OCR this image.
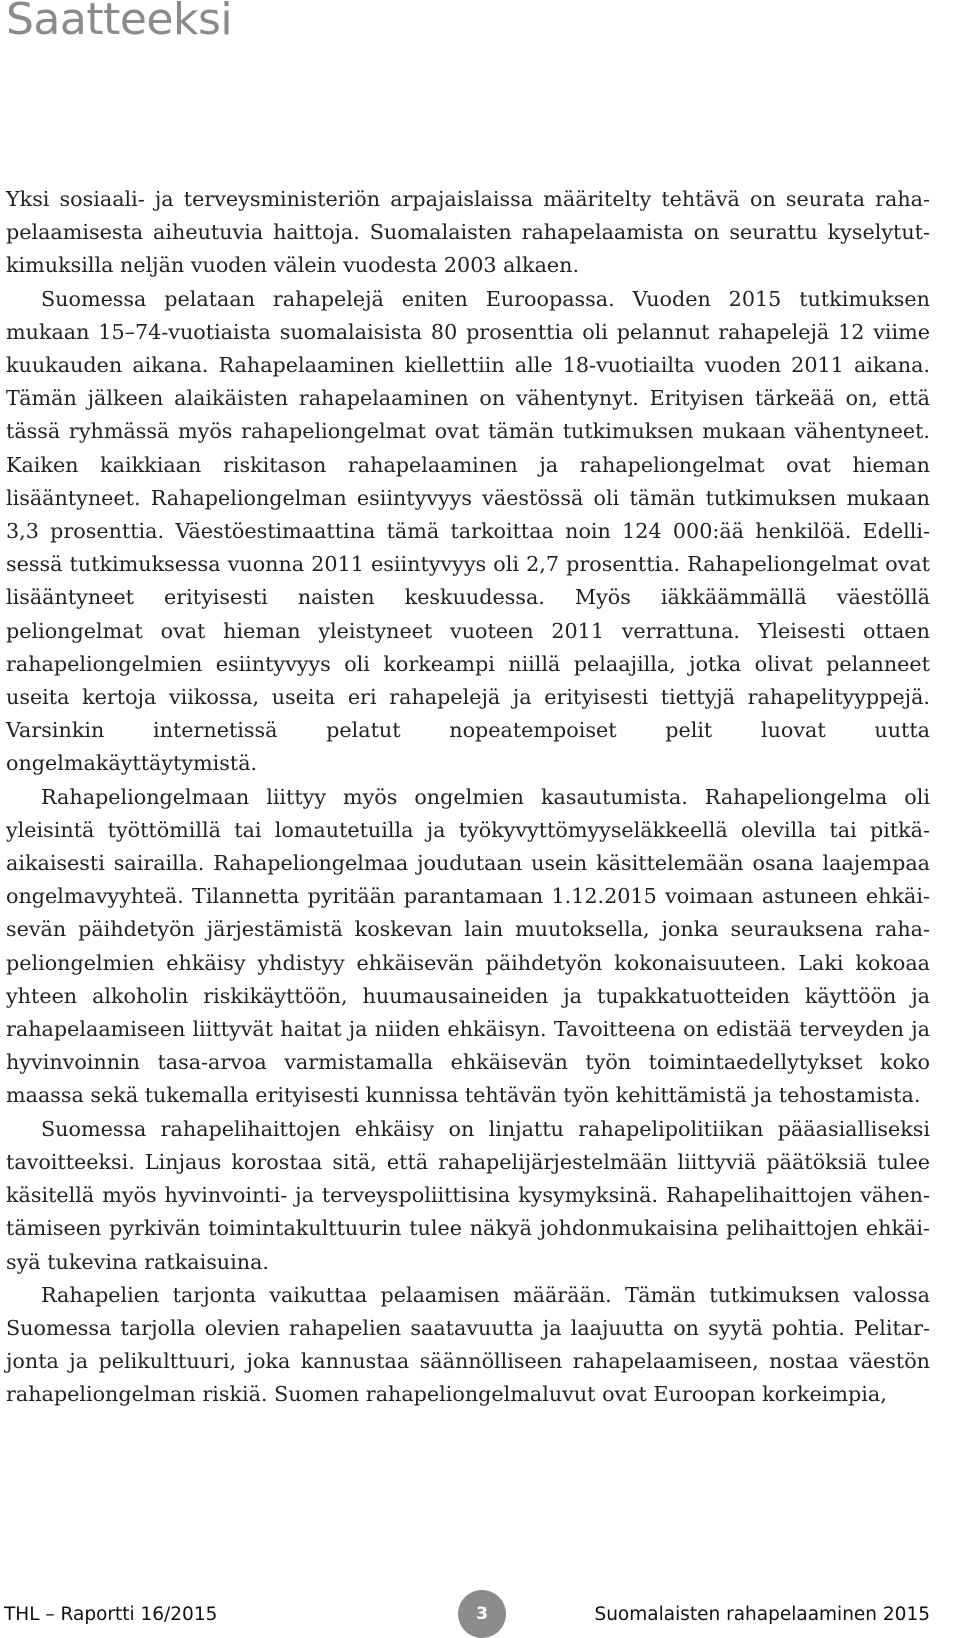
Saatteeksi

Yksi sosiaali- ja terveysministeriön arpajaislaissa määritelty tehtävä on seurata rahapelaamisesta aiheutuvia haittoja. Suomalaisten rahapelaamista on seurattu kyselytutkimuksilla neljän vuoden välein vuodesta 2003 alkaen.

Suomessa pelataan rahapelejä eniten Euroopassa. Vuoden 2015 tutkimuksen mukaan 15–74-vuotiaista suomalaisista 80 prosenttia oli pelannut rahapelejä 12 viime kuukauden aikana. Rahapelaaminen kiellettiin alle 18-vuotiailta vuoden 2011 aikana. Tämän jälkeen alaikäisten rahapelaaminen on vähentynyt. Erityisen tärkeää on, että tässä ryhmässä myös rahapeliongelmat ovat tämän tutkimuksen mukaan vähentyneet. Kaiken kaikkiaan riskitason rahapelaaminen ja rahapeliongelmat ovat hieman lisääntyneet. Rahapeliongelman esiintyvyys väestössä oli tämän tutkimuksen mukaan 3,3 prosenttia. Väestöestimaattina tämä tarkoittaa noin 124 000:ää henkilöä. Edellisessä tutkimuksessa vuonna 2011 esiintyvyys oli 2,7 prosenttia. Rahapeliongelmat ovat lisääntyneet erityisesti naisten keskuudessa. Myös iäkkäämmällä väestöllä peliongelmat ovat hieman yleistyneet vuoteen 2011 verrattuna. Yleisesti ottaen rahapeliongelmien esiintyvyys oli korkeampi niillä pelaajilla, jotka olivat pelanneet useita kertoja viikossa, useita eri rahapelejä ja erityisesti tiettyjä rahapelityyppejä. Varsinkin internetissä pelatut nopeatempoiset pelit luovat uutta ongelmakäyttäytymistä.

Rahapeliongelmaan liittyy myös ongelmien kasautumista. Rahapeliongelma oli yleisintä työttömillä tai lomautetuilla ja työkyvyttömyyseläkkeellä olevilla tai pitkäaikaisesti sairailla. Rahapeliongelmaa joudutaan usein käsittelemään osana laajempaa ongelmavyyhteä. Tilannetta pyritään parantamaan 1.12.2015 voimaan astuneen ehkäisevän päihdetyön järjestämistä koskevan lain muutoksella, jonka seurauksena rahapeliongelmien ehkäisy yhdistyy ehkäisevän päihdetyön kokonaisuuteen. Laki kokoaa yhteen alkoholin riskikäyttöön, huumausaineiden ja tupakkatuotteiden käyttöön ja rahapelaamiseen liittyvät haitat ja niiden ehkäisyn. Tavoitteena on edistää terveyden ja hyvinvoinnin tasa-arvoa varmistamalla ehkäisevän työn toimintaedellytykset koko maassa sekä tukemalla erityisesti kunnissa tehtävän työn kehittämistä ja tehostamista.

Suomessa rahapelihaittojen ehkäisy on linjattu rahapelipolitiikan pääasialliseksi tavoitteeksi. Linjaus korostaa sitä, että rahapelijärjestelmään liittyviä päätöksiä tulee käsitellä myös hyvinvointi- ja terveyspoliittisina kysymyksinä. Rahapelihaittojen vähentämiseen pyrkivän toimintakulttuurin tulee näkyä johdonmukaisina pelihaittojen ehkäisyä tukevina ratkaisuina.

Rahapelien tarjonta vaikuttaa pelaamisen määrään. Tämän tutkimuksen valossa Suomessa tarjolla olevien rahapelien saatavuutta ja laajuutta on syytä pohtia. Pelitarjonta ja pelikulttuuri, joka kannustaa säännölliseen rahapelaamiseen, nostaa väestön rahapeliongelman riskiä. Suomen rahapeliongelmaluvut ovat Euroopan korkeimpia,

THL – Raportti 16/2015	3	Suomalaisten rahapelaaminen 2015
